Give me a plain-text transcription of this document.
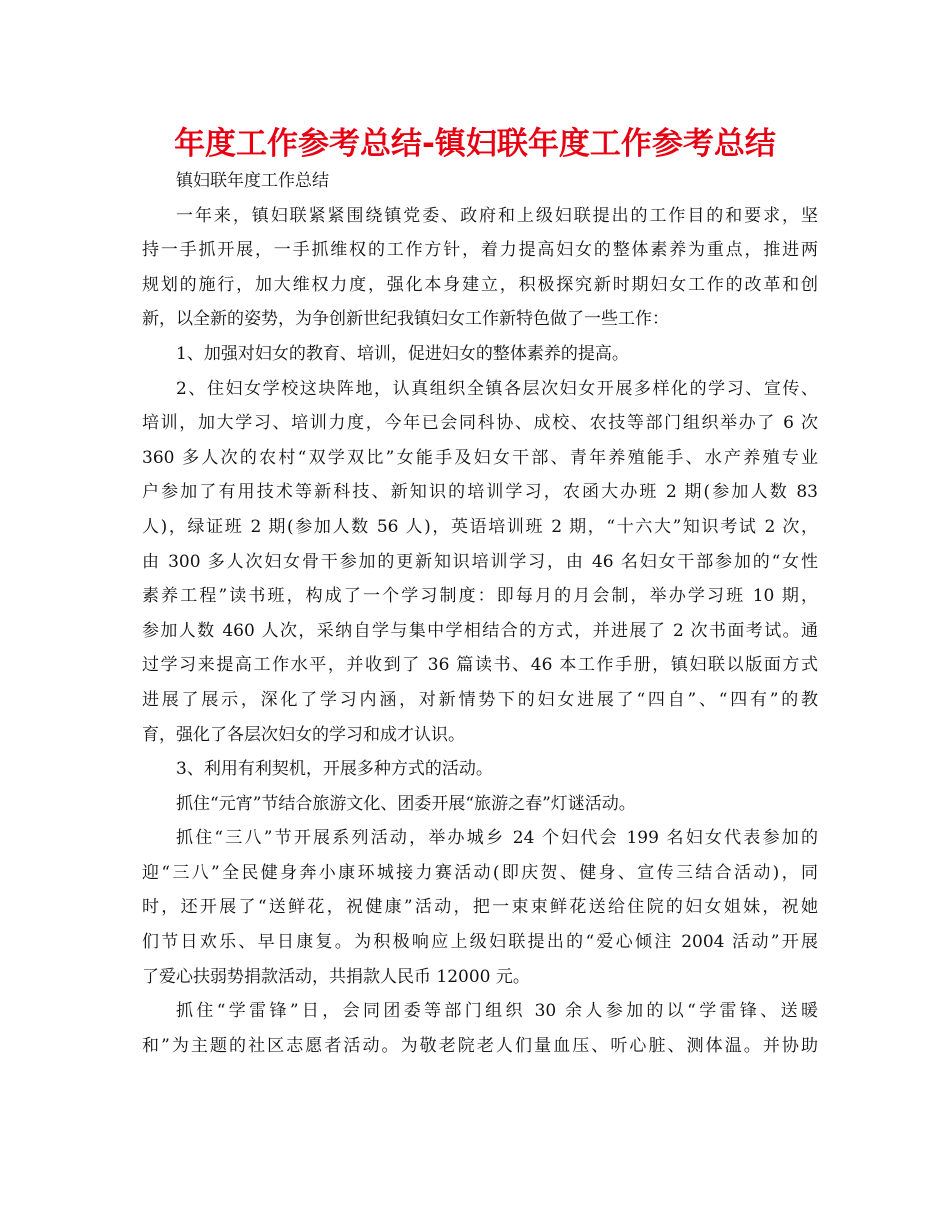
年度工作参考总结-镇妇联年度工作参考总结
镇妇联年度工作总结
一年来，镇妇联紧紧围绕镇党委、政府和上级妇联提出的工作目的和要求，坚
持一手抓开展，一手抓维权的工作方针，着力提高妇女的整体素养为重点，推进两
规划的施行，加大维权力度，强化本身建立，积极探究新时期妇女工作的改革和创
新，以全新的姿势，为争创新世纪我镇妇女工作新特色做了一些工作：
1、加强对妇女的教育、培训，促进妇女的整体素养的提高。
2、住妇女学校这块阵地，认真组织全镇各层次妇女开展多样化的学习、宣传、
培训，加大学习、培训力度，今年已会同科协、成校、农技等部门组织举办了 6 次
360 多人次的农村“双学双比”女能手及妇女干部、青年养殖能手、水产养殖专业
户参加了有用技术等新科技、新知识的培训学习，农函大办班 2 期(参加人数 83
人)，绿证班 2 期(参加人数 56 人)，英语培训班 2 期，“十六大”知识考试 2 次，
由 300 多人次妇女骨干参加的更新知识培训学习，由 46 名妇女干部参加的“女性
素养工程”读书班，构成了一个学习制度：即每月的月会制，举办学习班 10 期，
参加人数 460 人次，采纳自学与集中学相结合的方式，并进展了 2 次书面考试。通
过学习来提高工作水平，并收到了 36 篇读书、46 本工作手册，镇妇联以版面方式
进展了展示，深化了学习内涵，对新情势下的妇女进展了“四自”、“四有”的教
育，强化了各层次妇女的学习和成才认识。
3、利用有利契机，开展多种方式的活动。
抓住“元宵”节结合旅游文化、团委开展“旅游之春”灯谜活动。
抓住“三八”节开展系列活动，举办城乡 24 个妇代会 199 名妇女代表参加的
迎“三八”全民健身奔小康环城接力赛活动(即庆贺、健身、宣传三结合活动)，同
时，还开展了“送鲜花，祝健康”活动，把一束束鲜花送给住院的妇女姐妹，祝她
们节日欢乐、早日康复。为积极响应上级妇联提出的“爱心倾注 2004 活动”开展
了爱心扶弱势捐款活动，共捐款人民币 12000 元。
抓住“学雷锋”日，会同团委等部门组织 30 余人参加的以“学雷锋、送暖
和”为主题的社区志愿者活动。为敬老院老人们量血压、听心脏、测体温。并协助
